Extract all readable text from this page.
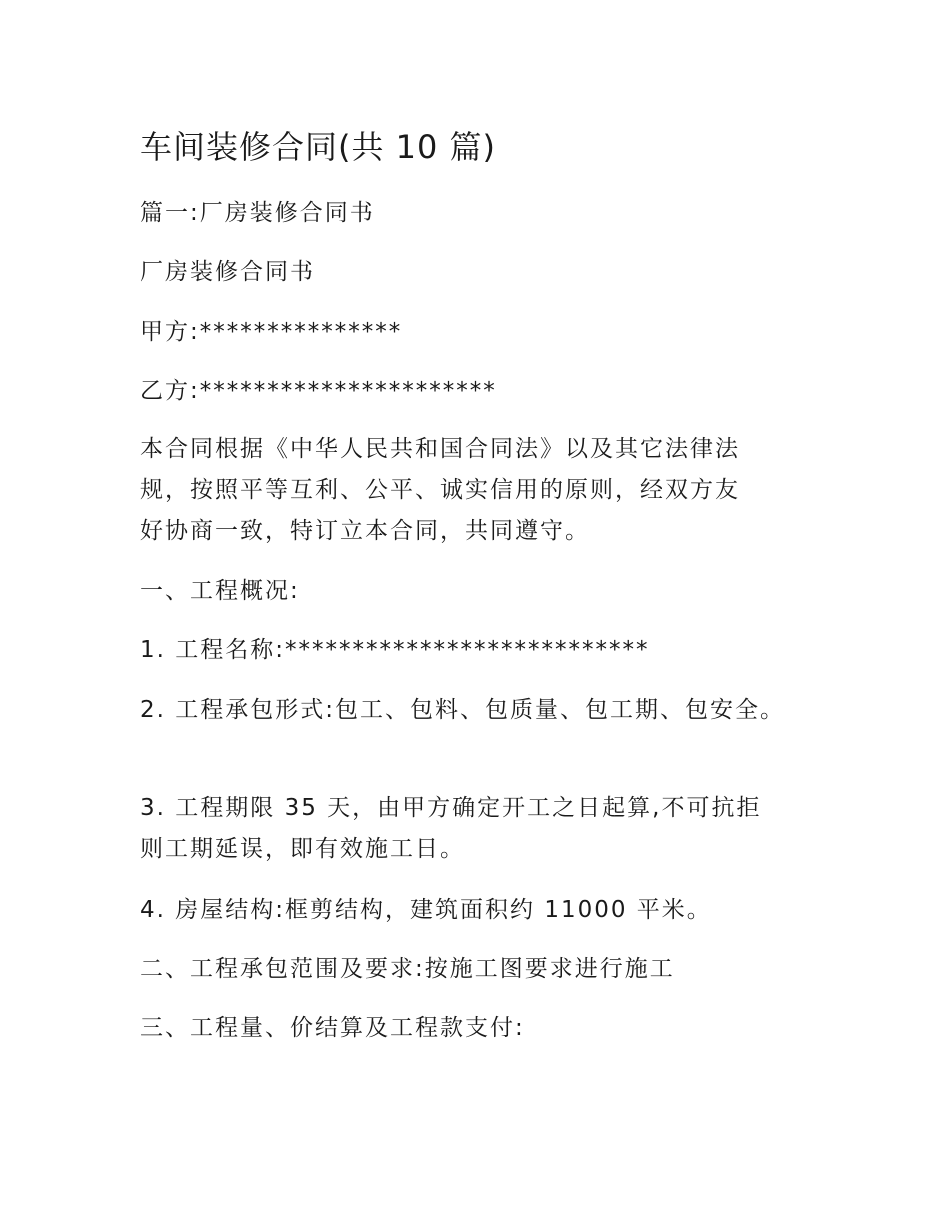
车间装修合同(共 10 篇)

篇一:厂房装修合同书

厂房装修合同书

甲方:***************

乙方:**********************

本合同根据《中华人民共和国合同法》以及其它法律法
规，按照平等互利、公平、诚实信用的原则，经双方友
好协商一致，特订立本合同，共同遵守。

一、工程概况:

1. 工程名称:***************************

2. 工程承包形式:包工、包料、包质量、包工期、包安全。

3. 工程期限 35 天，由甲方确定开工之日起算,不可抗拒
则工期延误，即有效施工日。

4. 房屋结构:框剪结构，建筑面积约 11000 平米。

二、工程承包范围及要求:按施工图要求进行施工

三、工程量、价结算及工程款支付:
